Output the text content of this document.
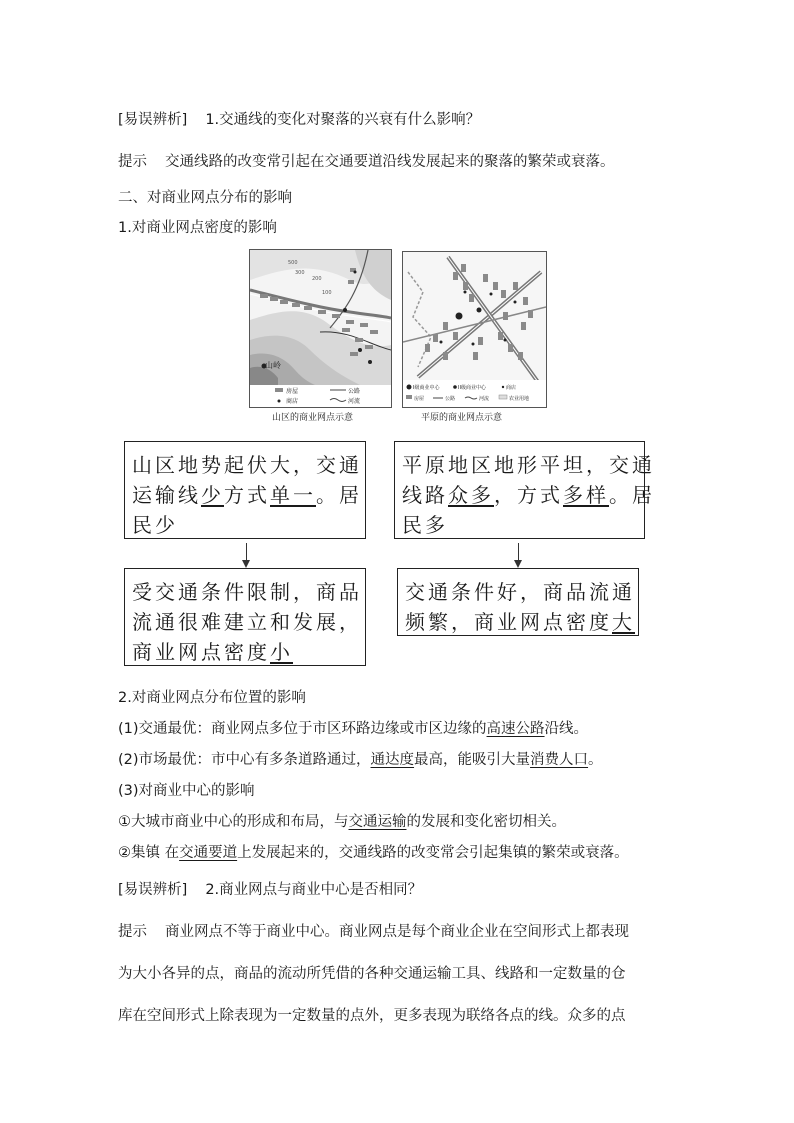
[易误辨析] 1.交通线的变化对聚落的兴衰有什么影响？
提示 交通线路的改变常引起在交通要道沿线发展起来的聚落的繁荣或衰落。
二、对商业网点分布的影响
1.对商业网点密度的影响
山岭
500
300
200
100
房屋	公路
商店	河流
山区的商业网点示意
I级商业中心	II级商业中心	商店
房屋	公路	河流	农业用地
平原的商业网点示意
山区地势起伏大，交通
运输线少方式单一。居
民少
受交通条件限制，商品
流通很难建立和发展，
商业网点密度小
平原地区地形平坦，交通
线路众多，方式多样。居
民多
交通条件好，商品流通
频繁，商业网点密度大
2.对商业网点分布位置的影响
(1)交通最优：商业网点多位于市区环路边缘或市区边缘的高速公路沿线。
(2)市场最优：市中心有多条道路通过，通达度最高，能吸引大量消费人口。
(3)对商业中心的影响
①大城市商业中心的形成和布局，与交通运输的发展和变化密切相关。
②集镇 在交通要道上发展起来的，交通线路的改变常会引起集镇的繁荣或衰落。
[易误辨析] 2.商业网点与商业中心是否相同？
提示 商业网点不等于商业中心。商业网点是每个商业企业在空间形式上都表现
为大小各异的点，商品的流动所凭借的各种交通运输工具、线路和一定数量的仓
库在空间形式上除表现为一定数量的点外，更多表现为联络各点的线。众多的点
